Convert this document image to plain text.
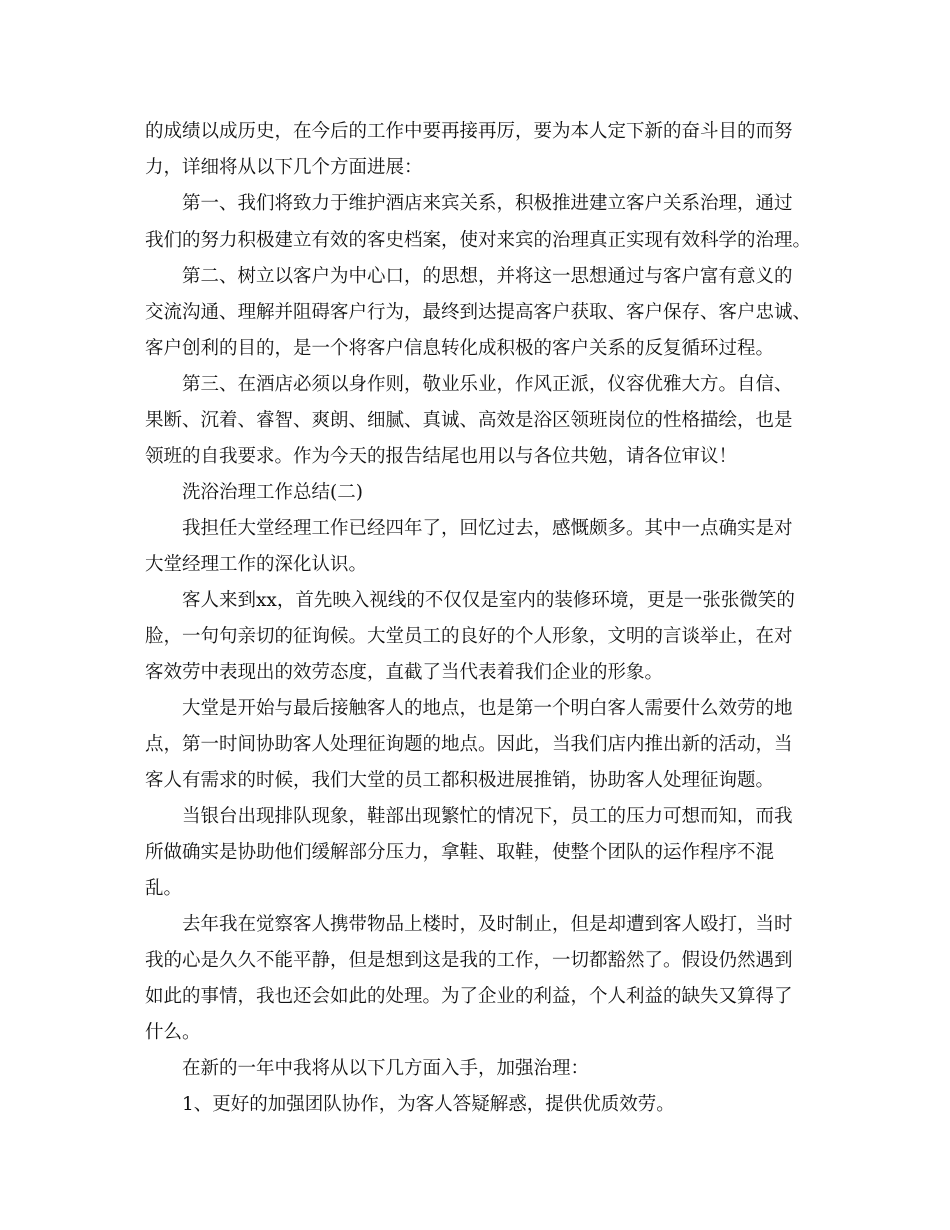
的成绩以成历史，在今后的工作中要再接再厉，要为本人定下新的奋斗目的而努
力，详细将从以下几个方面进展：
第一、我们将致力于维护酒店来宾关系，积极推进建立客户关系治理，通过
我们的努力积极建立有效的客史档案，使对来宾的治理真正实现有效科学的治理。
第二、树立以客户为中心口，的思想，并将这一思想通过与客户富有意义的
交流沟通、理解并阻碍客户行为，最终到达提高客户获取、客户保存、客户忠诚、
客户创利的目的，是一个将客户信息转化成积极的客户关系的反复循环过程。
第三、在酒店必须以身作则，敬业乐业，作风正派，仪容优雅大方。自信、
果断、沉着、睿智、爽朗、细腻、真诚、高效是浴区领班岗位的性格描绘，也是
领班的自我要求。作为今天的报告结尾也用以与各位共勉，请各位审议！
洗浴治理工作总结(二)
我担任大堂经理工作已经四年了，回忆过去，感慨颇多。其中一点确实是对
大堂经理工作的深化认识。
客人来到xx，首先映入视线的不仅仅是室内的装修环境，更是一张张微笑的
脸，一句句亲切的征询候。大堂员工的良好的个人形象，文明的言谈举止，在对
客效劳中表现出的效劳态度，直截了当代表着我们企业的形象。
大堂是开始与最后接触客人的地点，也是第一个明白客人需要什么效劳的地
点，第一时间协助客人处理征询题的地点。因此，当我们店内推出新的活动，当
客人有需求的时候，我们大堂的员工都积极进展推销，协助客人处理征询题。
当银台出现排队现象，鞋部出现繁忙的情况下，员工的压力可想而知，而我
所做确实是协助他们缓解部分压力，拿鞋、取鞋，使整个团队的运作程序不混
乱。
去年我在觉察客人携带物品上楼时，及时制止，但是却遭到客人殴打，当时
我的心是久久不能平静，但是想到这是我的工作，一切都豁然了。假设仍然遇到
如此的事情，我也还会如此的处理。为了企业的利益，个人利益的缺失又算得了
什么。
在新的一年中我将从以下几方面入手，加强治理：
1、更好的加强团队协作，为客人答疑解惑，提供优质效劳。
